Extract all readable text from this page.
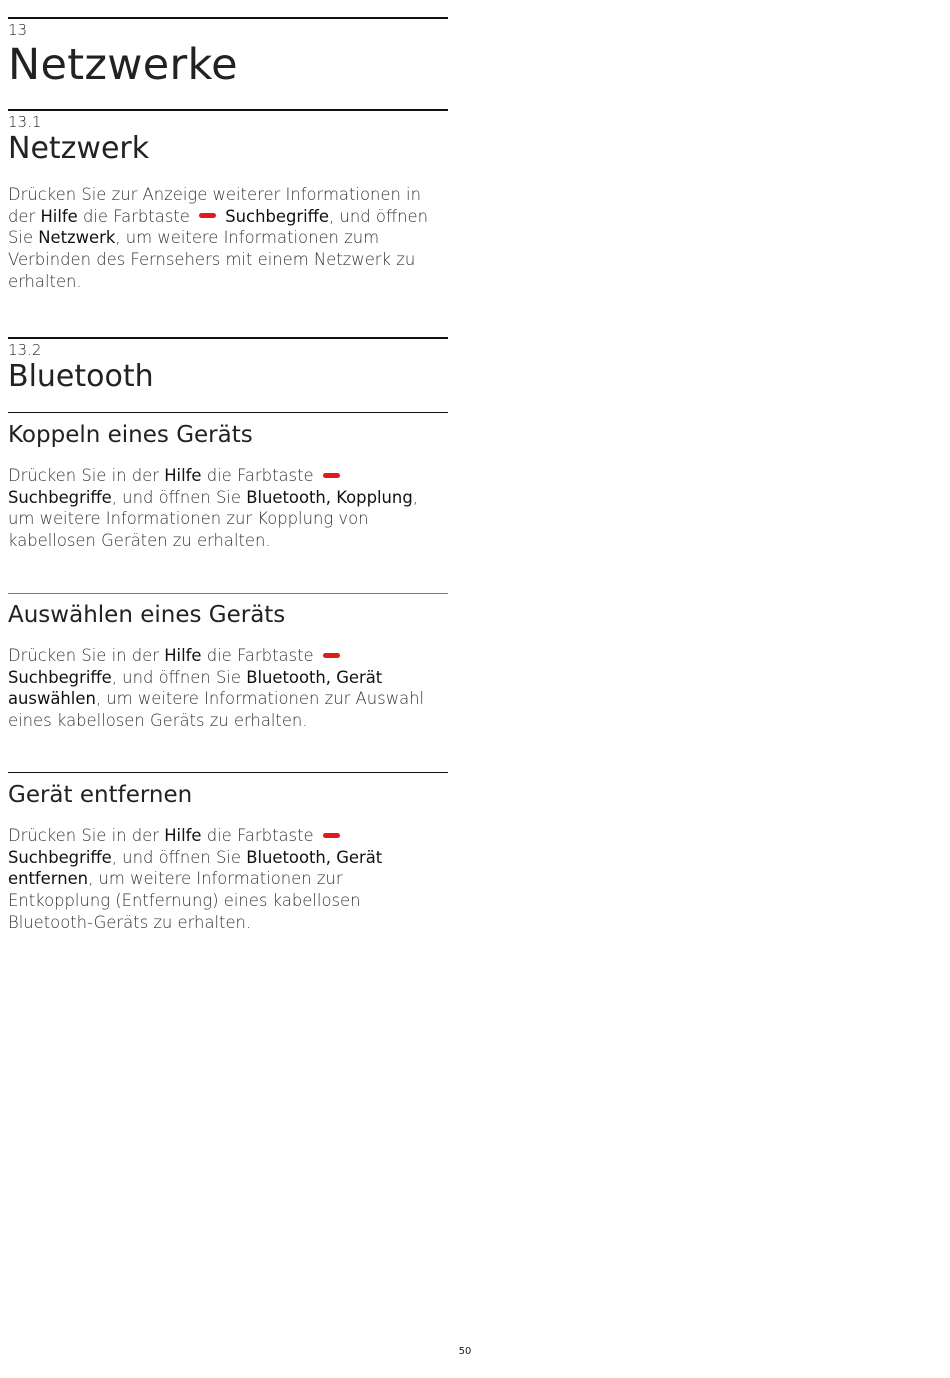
13

Netzwerke

13.1

Netzwerk

Drücken Sie zur Anzeige weiterer Informationen in der Hilfe die Farbtaste  Suchbegriffe, und öffnen Sie Netzwerk, um weitere Informationen zum Verbinden des Fernsehers mit einem Netzwerk zu erhalten.

13.2

Bluetooth

Koppeln eines Geräts

Drücken Sie in der Hilfe die Farbtaste  Suchbegriffe, und öffnen Sie Bluetooth, Kopplung, um weitere Informationen zur Kopplung von kabellosen Geräten zu erhalten.

Auswählen eines Geräts

Drücken Sie in der Hilfe die Farbtaste  Suchbegriffe, und öffnen Sie Bluetooth, Gerät auswählen, um weitere Informationen zur Auswahl eines kabellosen Geräts zu erhalten.

Gerät entfernen

Drücken Sie in der Hilfe die Farbtaste  Suchbegriffe, und öffnen Sie Bluetooth, Gerät entfernen, um weitere Informationen zur Entkopplung (Entfernung) eines kabellosen Bluetooth-Geräts zu erhalten.

50
